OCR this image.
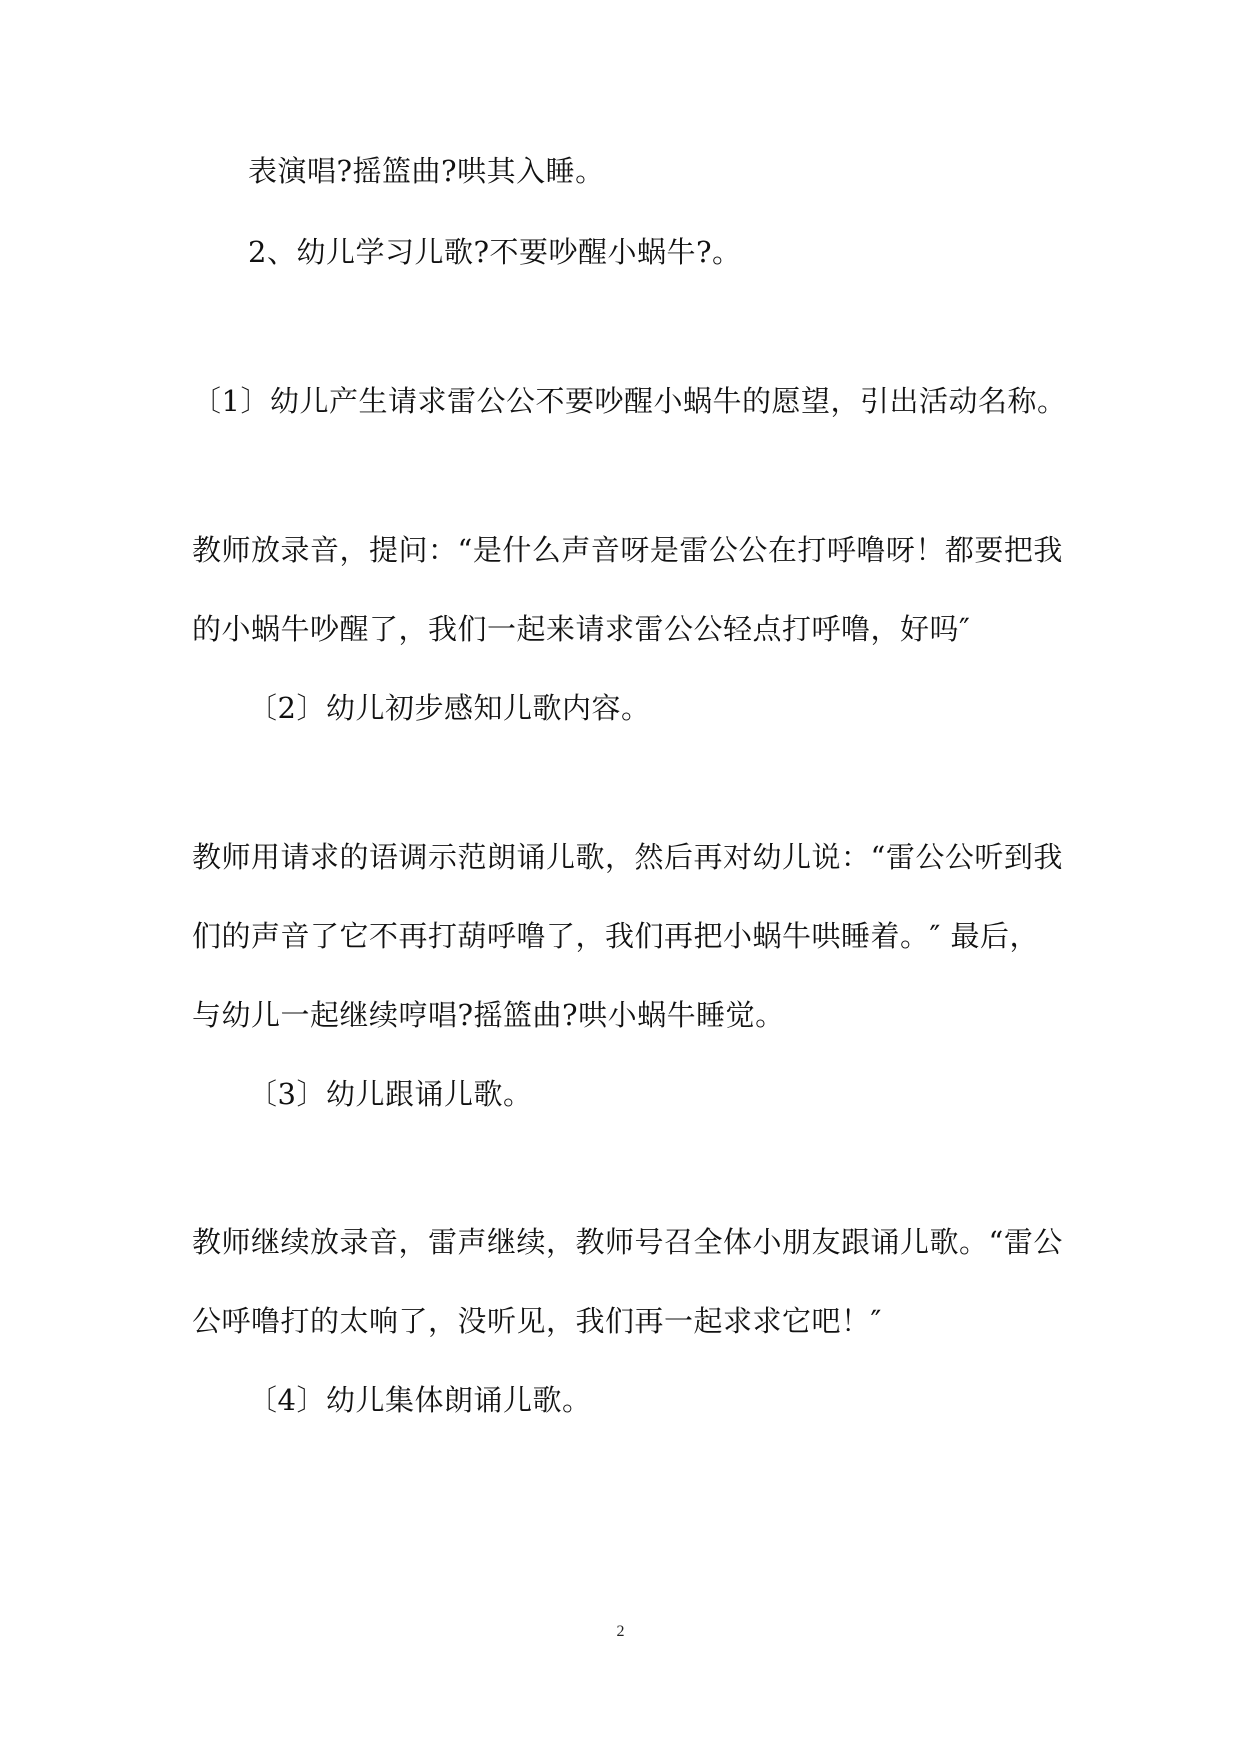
表演唱?摇篮曲?哄其入睡。
2、幼儿学习儿歌?不要吵醒小蜗牛?。
〔1〕幼儿产生请求雷公公不要吵醒小蜗牛的愿望，引出活动名称。
教师放录音，提问：“是什么声音呀是雷公公在打呼噜呀！都要把我
的小蜗牛吵醒了，我们一起来请求雷公公轻点打呼噜，好吗″
〔2〕幼儿初步感知儿歌内容。
教师用请求的语调示范朗诵儿歌，然后再对幼儿说：“雷公公听到我
们的声音了它不再打葫呼噜了，我们再把小蜗牛哄睡着。″ 最后，
与幼儿一起继续哼唱?摇篮曲?哄小蜗牛睡觉。
〔3〕幼儿跟诵儿歌。
教师继续放录音，雷声继续，教师号召全体小朋友跟诵儿歌。“雷公
公呼噜打的太响了，没听见，我们再一起求求它吧！″
〔4〕幼儿集体朗诵儿歌。
2
